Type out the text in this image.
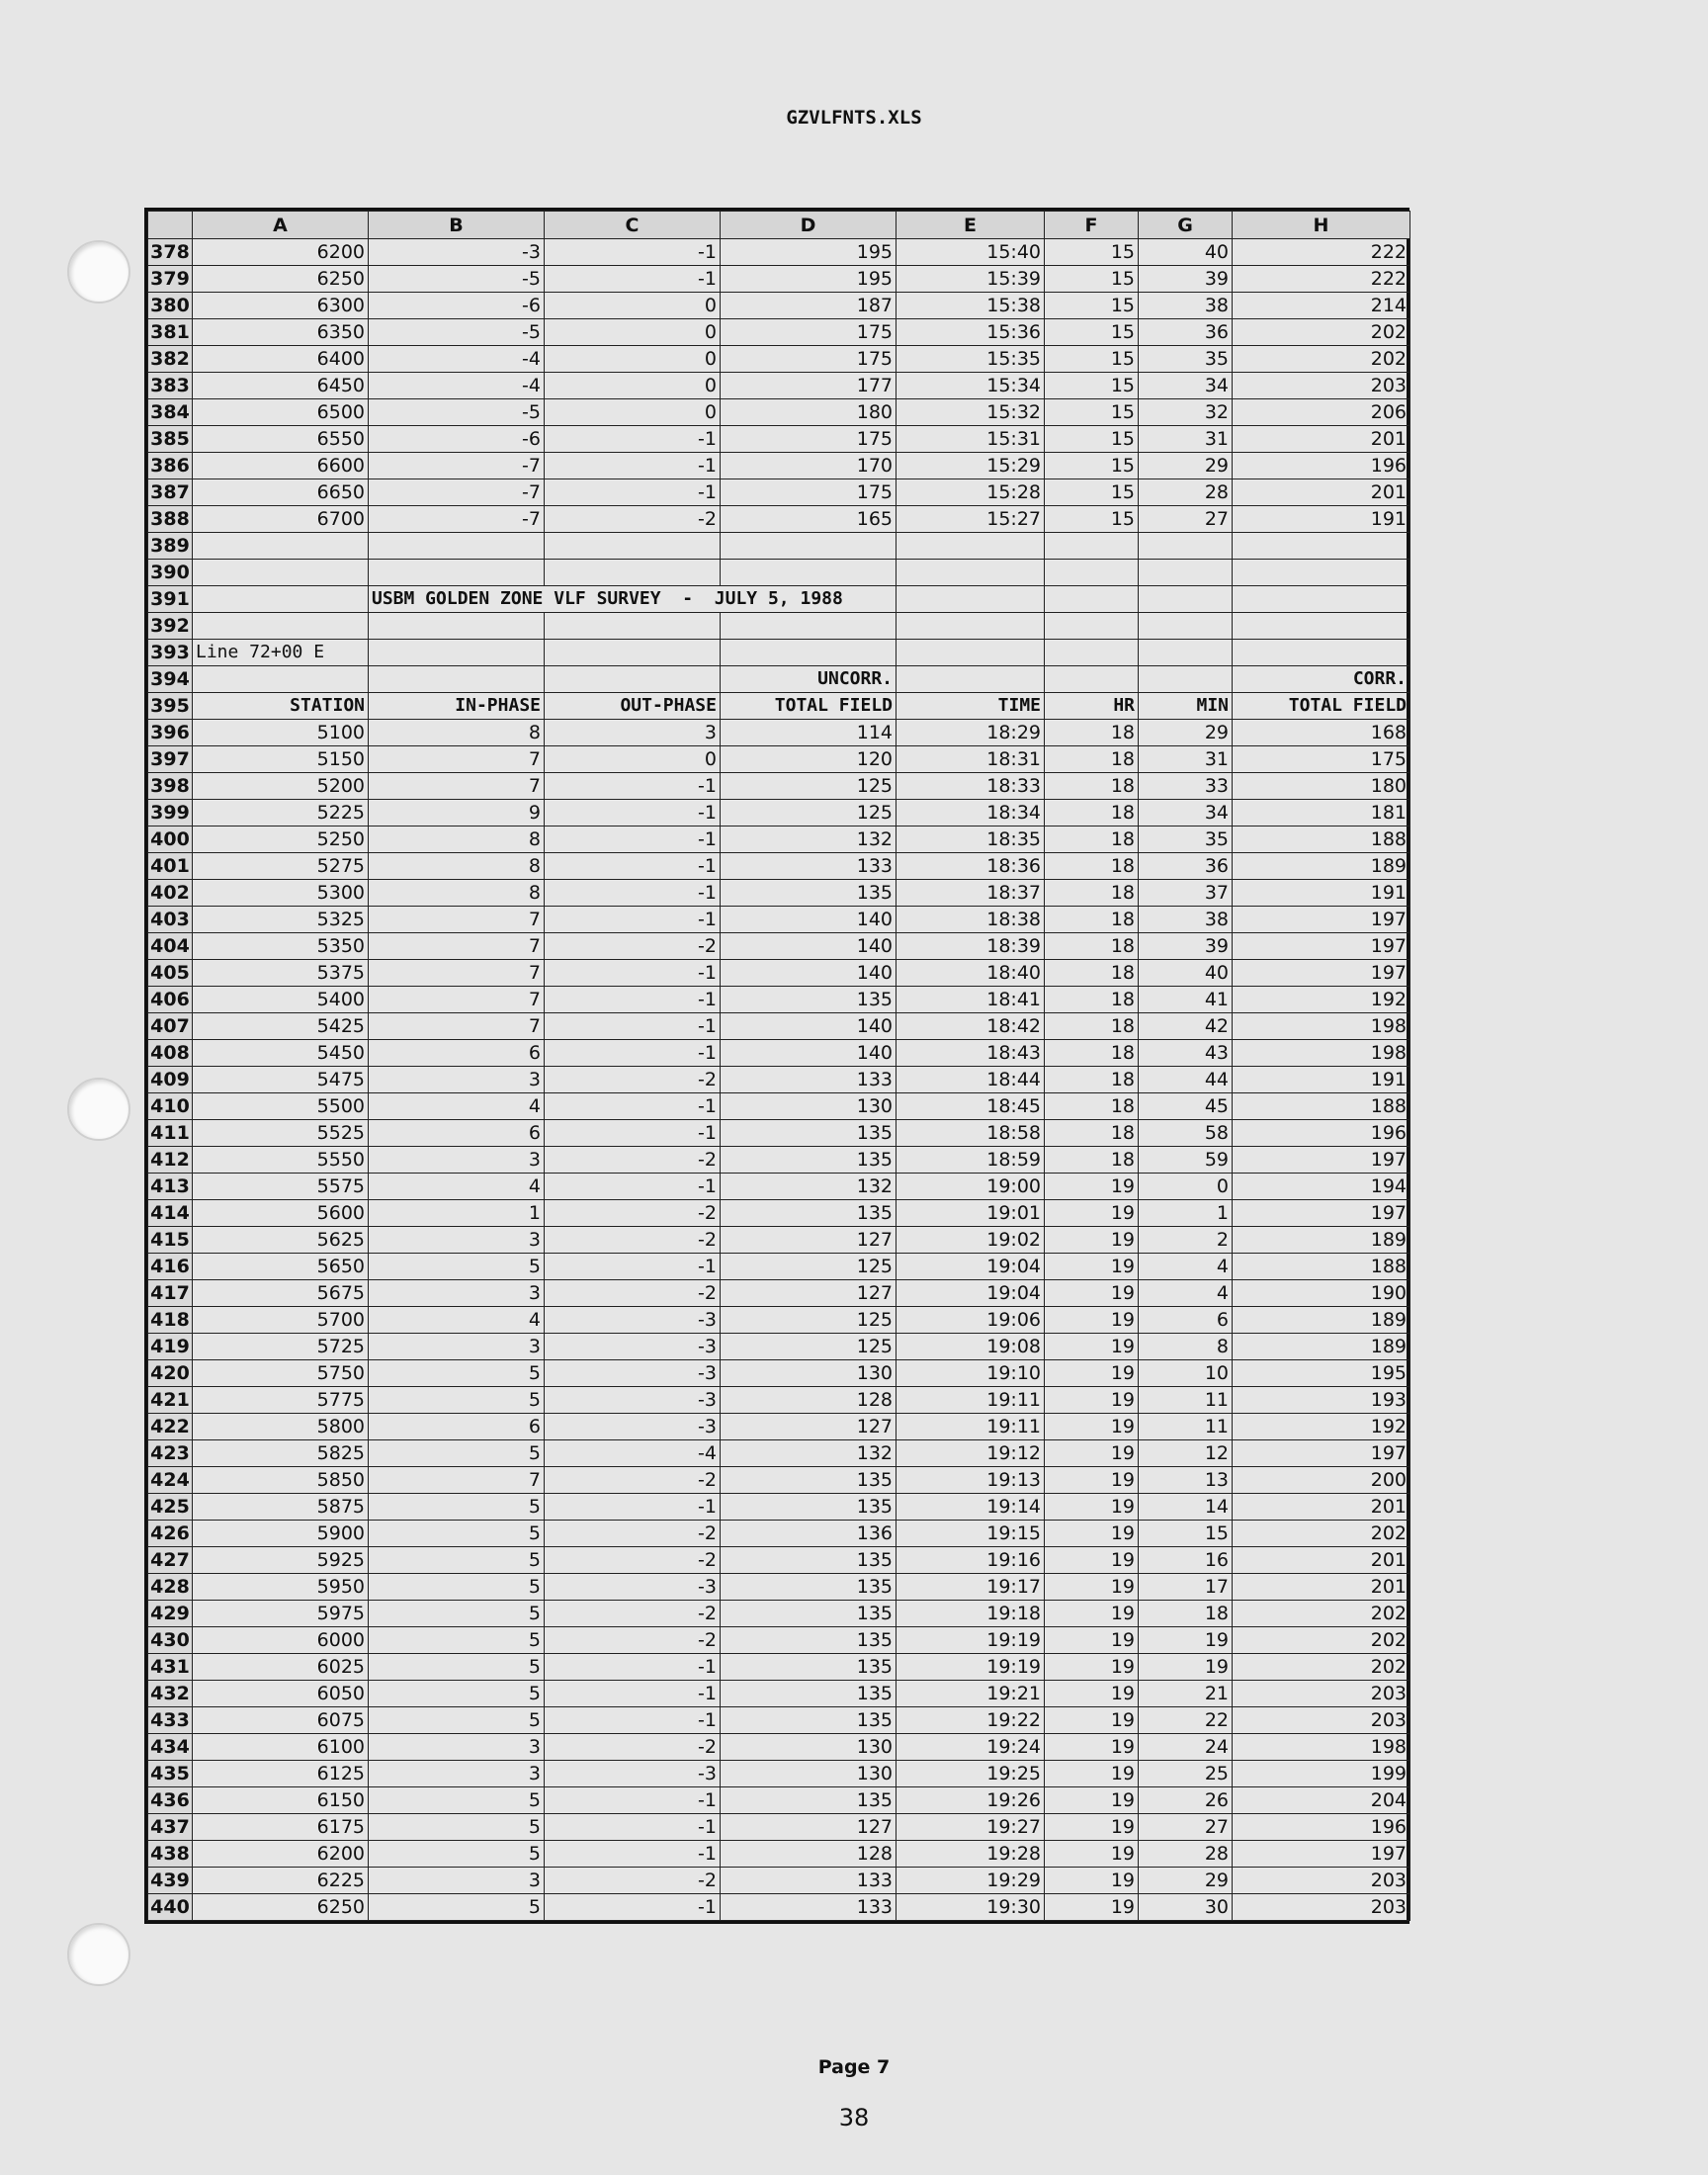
GZVLFNTS.XLS
	A	B	C	D	E	F	G	H
378	6200	-3	-1	195	15:40	15	40	222
379	6250	-5	-1	195	15:39	15	39	222
380	6300	-6	0	187	15:38	15	38	214
381	6350	-5	0	175	15:36	15	36	202
382	6400	-4	0	175	15:35	15	35	202
383	6450	-4	0	177	15:34	15	34	203
384	6500	-5	0	180	15:32	15	32	206
385	6550	-6	-1	175	15:31	15	31	201
386	6600	-7	-1	170	15:29	15	29	196
387	6650	-7	-1	175	15:28	15	28	201
388	6700	-7	-2	165	15:27	15	27	191
389								
390								
391		USBM GOLDEN ZONE VLF SURVEY  -  JULY 5, 1988						
392								
393	Line 72+00 E							
394				UNCORR.				CORR.
395	STATION	IN-PHASE	OUT-PHASE	TOTAL FIELD	TIME	HR	MIN	TOTAL FIELD
396	5100	8	3	114	18:29	18	29	168
397	5150	7	0	120	18:31	18	31	175
398	5200	7	-1	125	18:33	18	33	180
399	5225	9	-1	125	18:34	18	34	181
400	5250	8	-1	132	18:35	18	35	188
401	5275	8	-1	133	18:36	18	36	189
402	5300	8	-1	135	18:37	18	37	191
403	5325	7	-1	140	18:38	18	38	197
404	5350	7	-2	140	18:39	18	39	197
405	5375	7	-1	140	18:40	18	40	197
406	5400	7	-1	135	18:41	18	41	192
407	5425	7	-1	140	18:42	18	42	198
408	5450	6	-1	140	18:43	18	43	198
409	5475	3	-2	133	18:44	18	44	191
410	5500	4	-1	130	18:45	18	45	188
411	5525	6	-1	135	18:58	18	58	196
412	5550	3	-2	135	18:59	18	59	197
413	5575	4	-1	132	19:00	19	0	194
414	5600	1	-2	135	19:01	19	1	197
415	5625	3	-2	127	19:02	19	2	189
416	5650	5	-1	125	19:04	19	4	188
417	5675	3	-2	127	19:04	19	4	190
418	5700	4	-3	125	19:06	19	6	189
419	5725	3	-3	125	19:08	19	8	189
420	5750	5	-3	130	19:10	19	10	195
421	5775	5	-3	128	19:11	19	11	193
422	5800	6	-3	127	19:11	19	11	192
423	5825	5	-4	132	19:12	19	12	197
424	5850	7	-2	135	19:13	19	13	200
425	5875	5	-1	135	19:14	19	14	201
426	5900	5	-2	136	19:15	19	15	202
427	5925	5	-2	135	19:16	19	16	201
428	5950	5	-3	135	19:17	19	17	201
429	5975	5	-2	135	19:18	19	18	202
430	6000	5	-2	135	19:19	19	19	202
431	6025	5	-1	135	19:19	19	19	202
432	6050	5	-1	135	19:21	19	21	203
433	6075	5	-1	135	19:22	19	22	203
434	6100	3	-2	130	19:24	19	24	198
435	6125	3	-3	130	19:25	19	25	199
436	6150	5	-1	135	19:26	19	26	204
437	6175	5	-1	127	19:27	19	27	196
438	6200	5	-1	128	19:28	19	28	197
439	6225	3	-2	133	19:29	19	29	203
440	6250	5	-1	133	19:30	19	30	203
Page 7
38
